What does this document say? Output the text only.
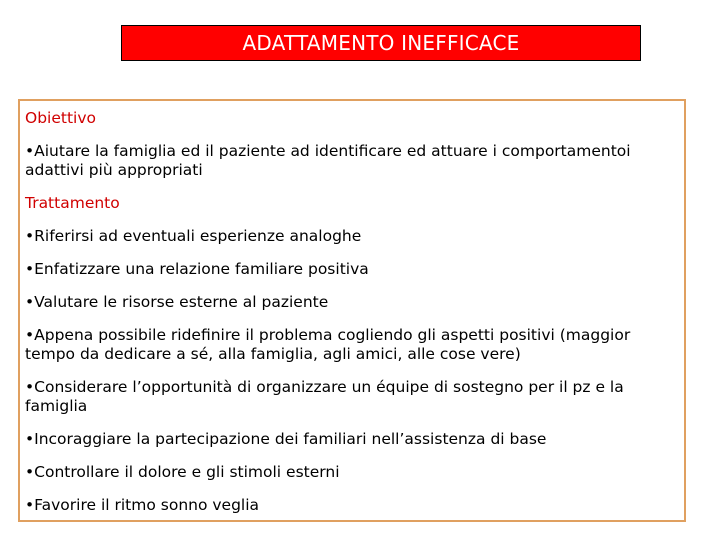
ADATTAMENTO INEFFICACE

Obiettivo

•Aiutare la famiglia ed il paziente ad identificare ed attuare i comportamentoi adattivi più appropriati

Trattamento

•Riferirsi ad eventuali esperienze analoghe

•Enfatizzare una relazione familiare positiva

•Valutare le risorse esterne al paziente

•Appena possibile ridefinire il problema cogliendo gli aspetti positivi (maggior tempo da dedicare a sé, alla famiglia, agli amici, alle cose vere)

•Considerare l’opportunità di organizzare un équipe di sostegno per il pz e la famiglia

•Incoraggiare la partecipazione dei familiari nell’assistenza di base

•Controllare il dolore e gli stimoli esterni

•Favorire il ritmo sonno veglia
